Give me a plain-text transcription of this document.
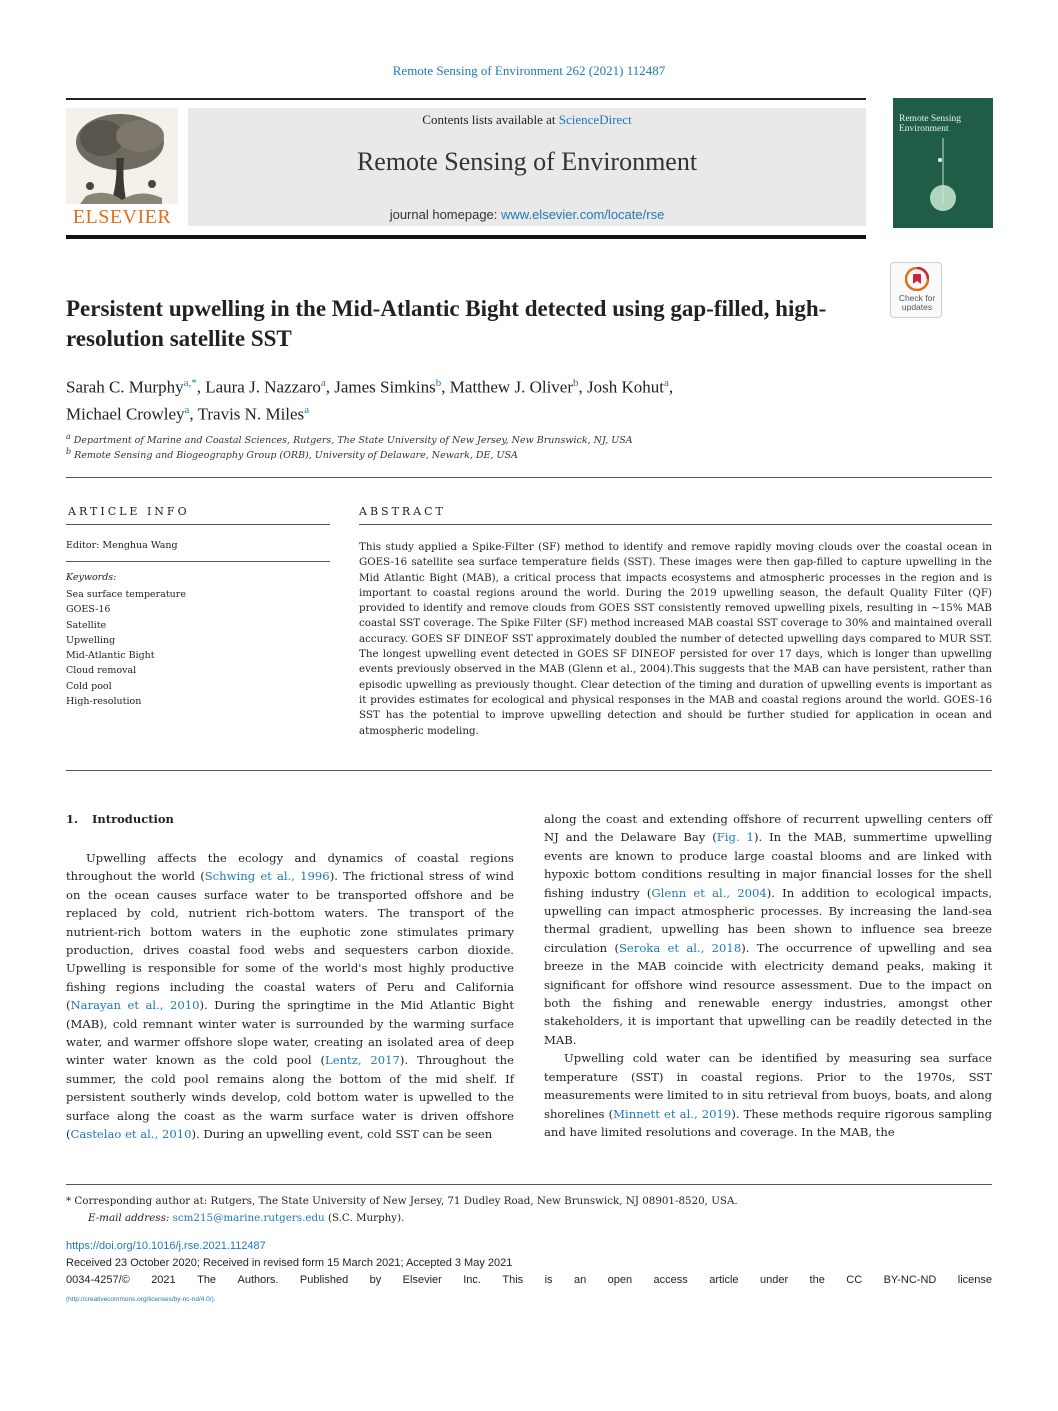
Remote Sensing of Environment 262 (2021) 112487
ELSEVIER
Contents lists available at ScienceDirect
Remote Sensing of Environment
journal homepage: www.elsevier.com/locate/rse
Remote Sensing Environment
Check for updates
Persistent upwelling in the Mid-Atlantic Bight detected using gap-filled, high-resolution satellite SST
Sarah C. Murphy$^{a,*}$, Laura J. Nazzaro$^a$, James Simkins$^b$, Matthew J. Oliver$^b$, Josh Kohut$^a$,
Michael Crowley$^a$, Travis N. Miles$^a$
$^a$ Department of Marine and Coastal Sciences, Rutgers, The State University of New Jersey, New Brunswick, NJ, USA
$^b$ Remote Sensing and Biogeography Group (ORB), University of Delaware, Newark, DE, USA
ARTICLE INFO	ABSTRACT
Editor: Menghua Wang
Keywords:
Sea surface temperature
GOES-16
Satellite
Upwelling
Mid-Atlantic Bight
Cloud removal
Cold pool
High-resolution

This study applied a Spike-Filter (SF) method to identify and remove rapidly moving clouds over the coastal ocean in GOES-16 satellite sea surface temperature fields (SST). These images were then gap-filled to capture upwelling in the Mid Atlantic Bight (MAB), a critical process that impacts ecosystems and atmospheric processes in the region and is important to coastal regions around the world. During the 2019 upwelling season, the default Quality Filter (QF) provided to identify and remove clouds from GOES SST consistently removed upwelling pixels, resulting in ~15% MAB coastal SST coverage. The Spike Filter (SF) method increased MAB coastal SST coverage to 30% and maintained overall accuracy. GOES SF DINEOF SST approximately doubled the number of detected upwelling days compared to MUR SST. The longest upwelling event detected in GOES SF DINEOF persisted for over 17 days, which is longer than upwelling events previously observed in the MAB (Glenn et al., 2004).This suggests that the MAB can have persistent, rather than episodic upwelling as previously thought. Clear detection of the timing and duration of upwelling events is important as it provides estimates for ecological and physical responses in the MAB and coastal regions around the world. GOES-16 SST has the potential to improve upwelling detection and should be further studied for application in ocean and atmospheric modeling.

1. Introduction

Upwelling affects the ecology and dynamics of coastal regions throughout the world (Schwing et al., 1996). The frictional stress of wind on the ocean causes surface water to be transported offshore and be replaced by cold, nutrient rich-bottom waters. The transport of the nutrient-rich bottom waters in the euphotic zone stimulates primary production, drives coastal food webs and sequesters carbon dioxide. Upwelling is responsible for some of the world's most highly productive fishing regions including the coastal waters of Peru and California (Narayan et al., 2010). During the springtime in the Mid Atlantic Bight (MAB), cold remnant winter water is surrounded by the warming surface water, and warmer offshore slope water, creating an isolated area of deep winter water known as the cold pool (Lentz, 2017). Throughout the summer, the cold pool remains along the bottom of the mid shelf. If persistent southerly winds develop, cold bottom water is upwelled to the surface along the coast as the warm surface water is driven offshore (Castelao et al., 2010). During an upwelling event, cold SST can be seen

along the coast and extending offshore of recurrent upwelling centers off NJ and the Delaware Bay (Fig. 1). In the MAB, summertime upwelling events are known to produce large coastal blooms and are linked with hypoxic bottom conditions resulting in major financial losses for the shell fishing industry (Glenn et al., 2004). In addition to ecological impacts, upwelling can impact atmospheric processes. By increasing the land-sea thermal gradient, upwelling has been shown to influence sea breeze circulation (Seroka et al., 2018). The occurrence of upwelling and sea breeze in the MAB coincide with electricity demand peaks, making it significant for offshore wind resource assessment. Due to the impact on both the fishing and renewable energy industries, amongst other stakeholders, it is important that upwelling can be readily detected in the MAB.

Upwelling cold water can be identified by measuring sea surface temperature (SST) in coastal regions. Prior to the 1970s, SST measurements were limited to in situ retrieval from buoys, boats, and along shorelines (Minnett et al., 2019). These methods require rigorous sampling and have limited resolutions and coverage. In the MAB, the

* Corresponding author at: Rutgers, The State University of New Jersey, 71 Dudley Road, New Brunswick, NJ 08901-8520, USA.
E-mail address: scm215@marine.rutgers.edu (S.C. Murphy).
https://doi.org/10.1016/j.rse.2021.112487
Received 23 October 2020; Received in revised form 15 March 2021; Accepted 3 May 2021
0034-4257/© 2021 The Authors. Published by Elsevier Inc. This is an open access article under the CC BY-NC-ND license
(http://creativecommons.org/licenses/by-nc-nd/4.0/).
